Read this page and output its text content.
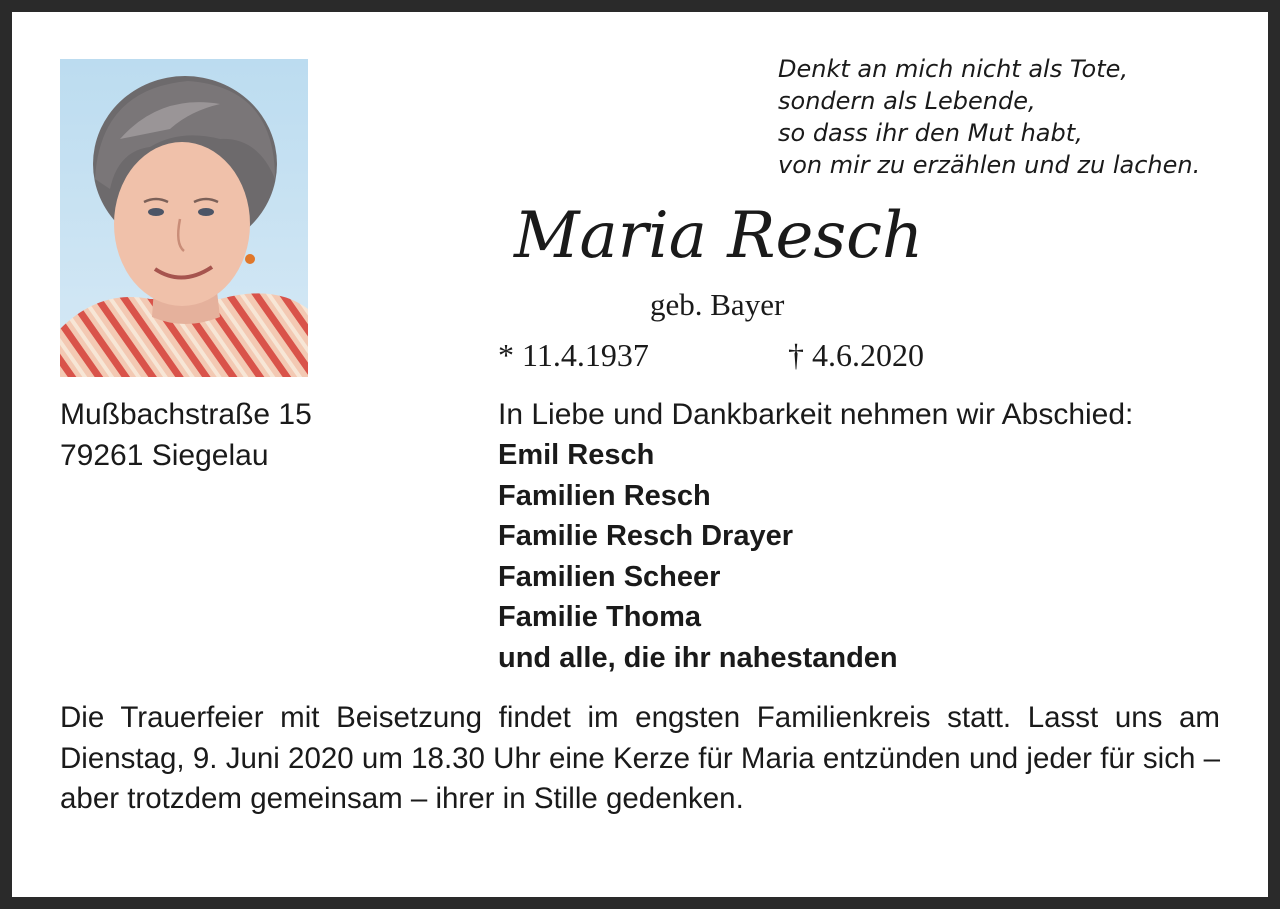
Denkt an mich nicht als Tote,
sondern als Lebende,
so dass ihr den Mut habt,
von mir zu erzählen und zu lachen.
Maria Resch
geb. Bayer
* 11.4.1937	† 4.6.2020
Mußbachstraße 15
79261 Siegelau
In Liebe und Dankbarkeit nehmen wir Abschied:
Emil Resch
Familien Resch
Familie Resch Drayer
Familien Scheer
Familie Thoma
und alle, die ihr nahestanden
Die Trauerfeier mit Beisetzung findet im engsten Familienkreis statt. Lasst uns am Dienstag, 9. Juni 2020 um 18.30 Uhr eine Kerze für Maria entzünden und jeder für sich – aber trotzdem gemeinsam – ihrer in Stille gedenken.
